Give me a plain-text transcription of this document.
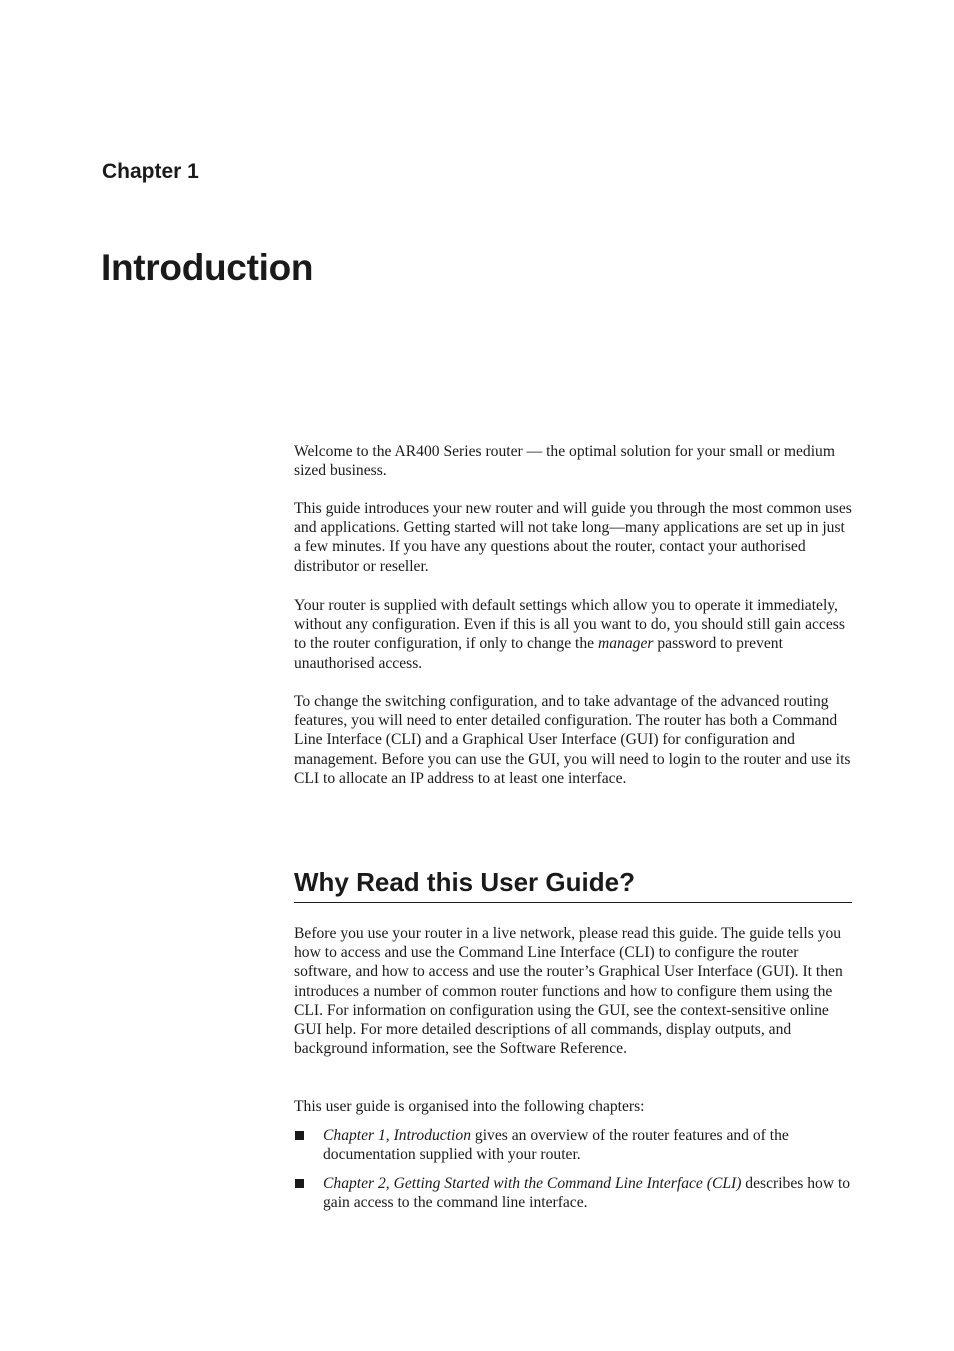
Chapter 1
Introduction

Welcome to the AR400 Series router — the optimal solution for your small or medium sized business.

This guide introduces your new router and will guide you through the most common uses and applications. Getting started will not take long—many applications are set up in just a few minutes. If you have any questions about the router, contact your authorised distributor or reseller.

Your router is supplied with default settings which allow you to operate it immediately, without any configuration. Even if this is all you want to do, you should still gain access to the router configuration, if only to change the manager password to prevent unauthorised access.

To change the switching configuration, and to take advantage of the advanced routing features, you will need to enter detailed configuration. The router has both a Command Line Interface (CLI) and a Graphical User Interface (GUI) for configuration and management. Before you can use the GUI, you will need to login to the router and use its CLI to allocate an IP address to at least one interface.

Why Read this User Guide?

Before you use your router in a live network, please read this guide. The guide tells you how to access and use the Command Line Interface (CLI) to configure the router software, and how to access and use the router’s Graphical User Interface (GUI). It then introduces a number of common router functions and how to configure them using the CLI. For information on configuration using the GUI, see the context-sensitive online GUI help. For more detailed descriptions of all commands, display outputs, and background information, see the Software Reference.

This user guide is organised into the following chapters:

Chapter 1, Introduction gives an overview of the router features and of the documentation supplied with your router.
Chapter 2, Getting Started with the Command Line Interface (CLI) describes how to gain access to the command line interface.
